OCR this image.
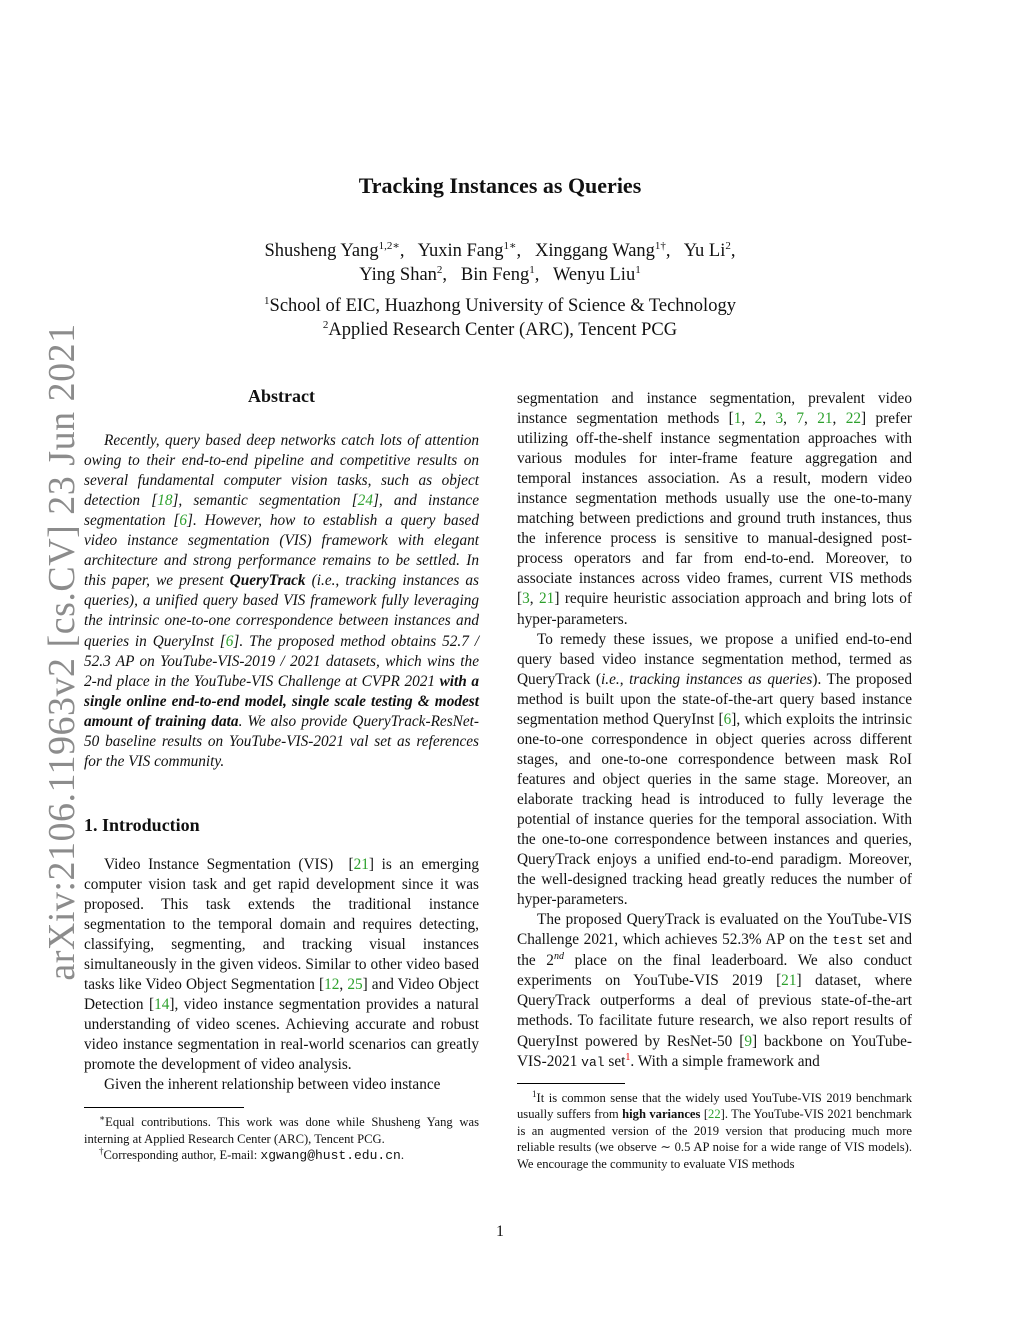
arXiv:2106.11963v2 [cs.CV] 23 Jun 2021
Tracking Instances as Queries
Shusheng Yang$^{1,2∗}$,   Yuxin Fang$^{1∗}$,   Xinggang Wang$^{1\dagger}$,   Yu Li$^2$,
Ying Shan$^2$,   Bin Feng$^1$,   Wenyu Liu$^1$
$^1$School of EIC, Huazhong University of Science & Technology
$^2$Applied Research Center (ARC), Tencent PCG
Abstract

Recently, query based deep networks catch lots of attention owing to their end-to-end pipeline and competitive results on several fundamental computer vision tasks, such as object detection [18], semantic segmentation [24], and instance segmentation [6]. However, how to establish a query based video instance segmentation (VIS) framework with elegant architecture and strong performance remains to be settled. In this paper, we present QueryTrack (i.e., tracking instances as queries), a unified query based VIS framework fully leveraging the intrinsic one-to-one correspondence between instances and queries in QueryInst [6]. The proposed method obtains 52.7 / 52.3 AP on YouTube-VIS-2019 / 2021 datasets, which wins the 2-nd place in the YouTube-VIS Challenge at CVPR 2021 with a single online end-to-end model, single scale testing & modest amount of training data. We also provide QueryTrack-ResNet-50 baseline results on YouTube-VIS-2021 val set as references for the VIS community.

1. Introduction

Video Instance Segmentation (VIS)  [21] is an emerging computer vision task and get rapid development since it was proposed. This task extends the traditional instance segmentation to the temporal domain and requires detecting, classifying, segmenting, and tracking visual instances simultaneously in the given videos. Similar to other video based tasks like Video Object Segmentation [12, 25] and Video Object Detection [14], video instance segmentation provides a natural understanding of video scenes. Achieving accurate and robust video instance segmentation in real-world scenarios can greatly promote the development of video analysis.

Given the inherent relationship between video instance

∗Equal contributions. This work was done while Shusheng Yang was interning at Applied Research Center (ARC), Tencent PCG.

†Corresponding author, E-mail: xgwang@hust.edu.cn.

segmentation and instance segmentation, prevalent video instance segmentation methods [1, 2, 3, 7, 21, 22] prefer utilizing off-the-shelf instance segmentation approaches with various modules for inter-frame feature aggregation and temporal instances association. As a result, modern video instance segmentation methods usually use the one-to-many matching between predictions and ground truth instances, thus the inference process is sensitive to manual-designed post-process operators and far from end-to-end. Moreover, to associate instances across video frames, current VIS methods [3, 21] require heuristic association approach and bring lots of hyper-parameters.

To remedy these issues, we propose a unified end-to-end query based video instance segmentation method, termed as QueryTrack (i.e., tracking instances as queries). The proposed method is built upon the state-of-the-art query based instance segmentation method QueryInst [6], which exploits the intrinsic one-to-one correspondence in object queries across different stages, and one-to-one correspondence between mask RoI features and object queries in the same stage. Moreover, an elaborate tracking head is introduced to fully leverage the potential of instance queries for the temporal association. With the one-to-one correspondence between instances and queries, QueryTrack enjoys a unified end-to-end paradigm. Moreover, the well-designed tracking head greatly reduces the number of hyper-parameters.

The proposed QueryTrack is evaluated on the YouTube-VIS Challenge 2021, which achieves 52.3% AP on the test set and the 2nd place on the final leaderboard. We also conduct experiments on YouTube-VIS 2019 [21] dataset, where QueryTrack outperforms a deal of previous state-of-the-art methods. To facilitate future research, we also report results of QueryInst powered by ResNet-50 [9] backbone on YouTube-VIS-2021 val set$^1$. With a simple framework and

$^1$It is common sense that the widely used YouTube-VIS 2019 benchmark usually suffers from high variances [22]. The YouTube-VIS 2021 benchmark is an augmented version of the 2019 version that producing much more reliable results (we observe ∼ 0.5 AP noise for a wide range of VIS models). We encourage the community to evaluate VIS methods

1
